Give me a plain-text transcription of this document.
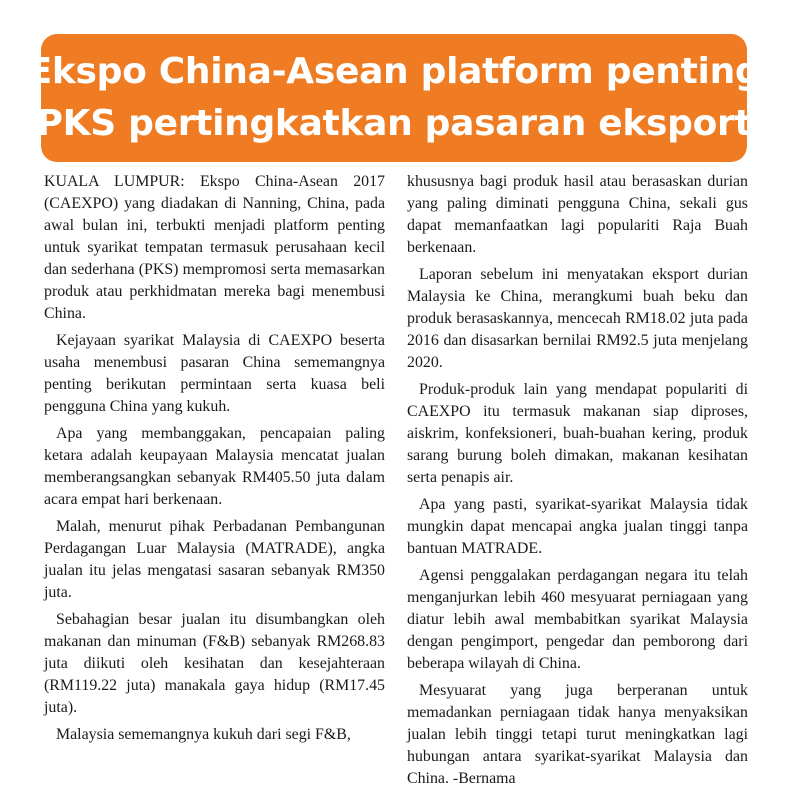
Ekspo China-Asean platform penting
PKS pertingkatkan pasaran eksport

KUALA LUMPUR: Ekspo China-Asean 2017 (CAEXPO) yang diadakan di Nanning, China, pada awal bulan ini, terbukti menjadi platform penting untuk syarikat tempatan termasuk perusahaan kecil dan sederhana (PKS) mempromosi serta memasarkan produk atau perkhidmatan mereka bagi menembusi China.

Kejayaan syarikat Malaysia di CAEXPO beserta usaha menembusi pasaran China sememangnya penting berikutan permintaan serta kuasa beli pengguna China yang kukuh.

Apa yang membanggakan, pencapaian paling ketara adalah keupayaan Malaysia mencatat jualan memberangsangkan sebanyak RM405.50 juta dalam acara empat hari berkenaan.

Malah, menurut pihak Perbadanan Pembangunan Perdagangan Luar Malaysia (MATRADE), angka jualan itu jelas mengatasi sasaran sebanyak RM350 juta.

Sebahagian besar jualan itu disumbangkan oleh makanan dan minuman (F&B) sebanyak RM268.83 juta diikuti oleh kesihatan dan kesejahteraan (RM119.22 juta) manakala gaya hidup (RM17.45 juta).

Malaysia sememangnya kukuh dari segi F&B,

khususnya bagi produk hasil atau berasaskan durian yang paling diminati pengguna China, sekali gus dapat memanfaatkan lagi populariti Raja Buah berkenaan.

Laporan sebelum ini menyatakan eksport durian Malaysia ke China, merangkumi buah beku dan produk berasaskannya, mencecah RM18.02 juta pada 2016 dan disasarkan bernilai RM92.5 juta menjelang 2020.

Produk-produk lain yang mendapat populariti di CAEXPO itu termasuk makanan siap diproses, aiskrim, konfeksioneri, buah-buahan kering, produk sarang burung boleh dimakan, makanan kesihatan serta penapis air.

Apa yang pasti, syarikat-syarikat Malaysia tidak mungkin dapat mencapai angka jualan tinggi tanpa bantuan MATRADE.

Agensi penggalakan perdagangan negara itu telah menganjurkan lebih 460 mesyuarat perniagaan yang diatur lebih awal membabitkan syarikat Malaysia dengan pengimport, pengedar dan pemborong dari beberapa wilayah di China.

Mesyuarat yang juga berperanan untuk memadankan perniagaan tidak hanya menyaksikan jualan lebih tinggi tetapi turut meningkatkan lagi hubungan antara syarikat-syarikat Malaysia dan China. -Bernama
